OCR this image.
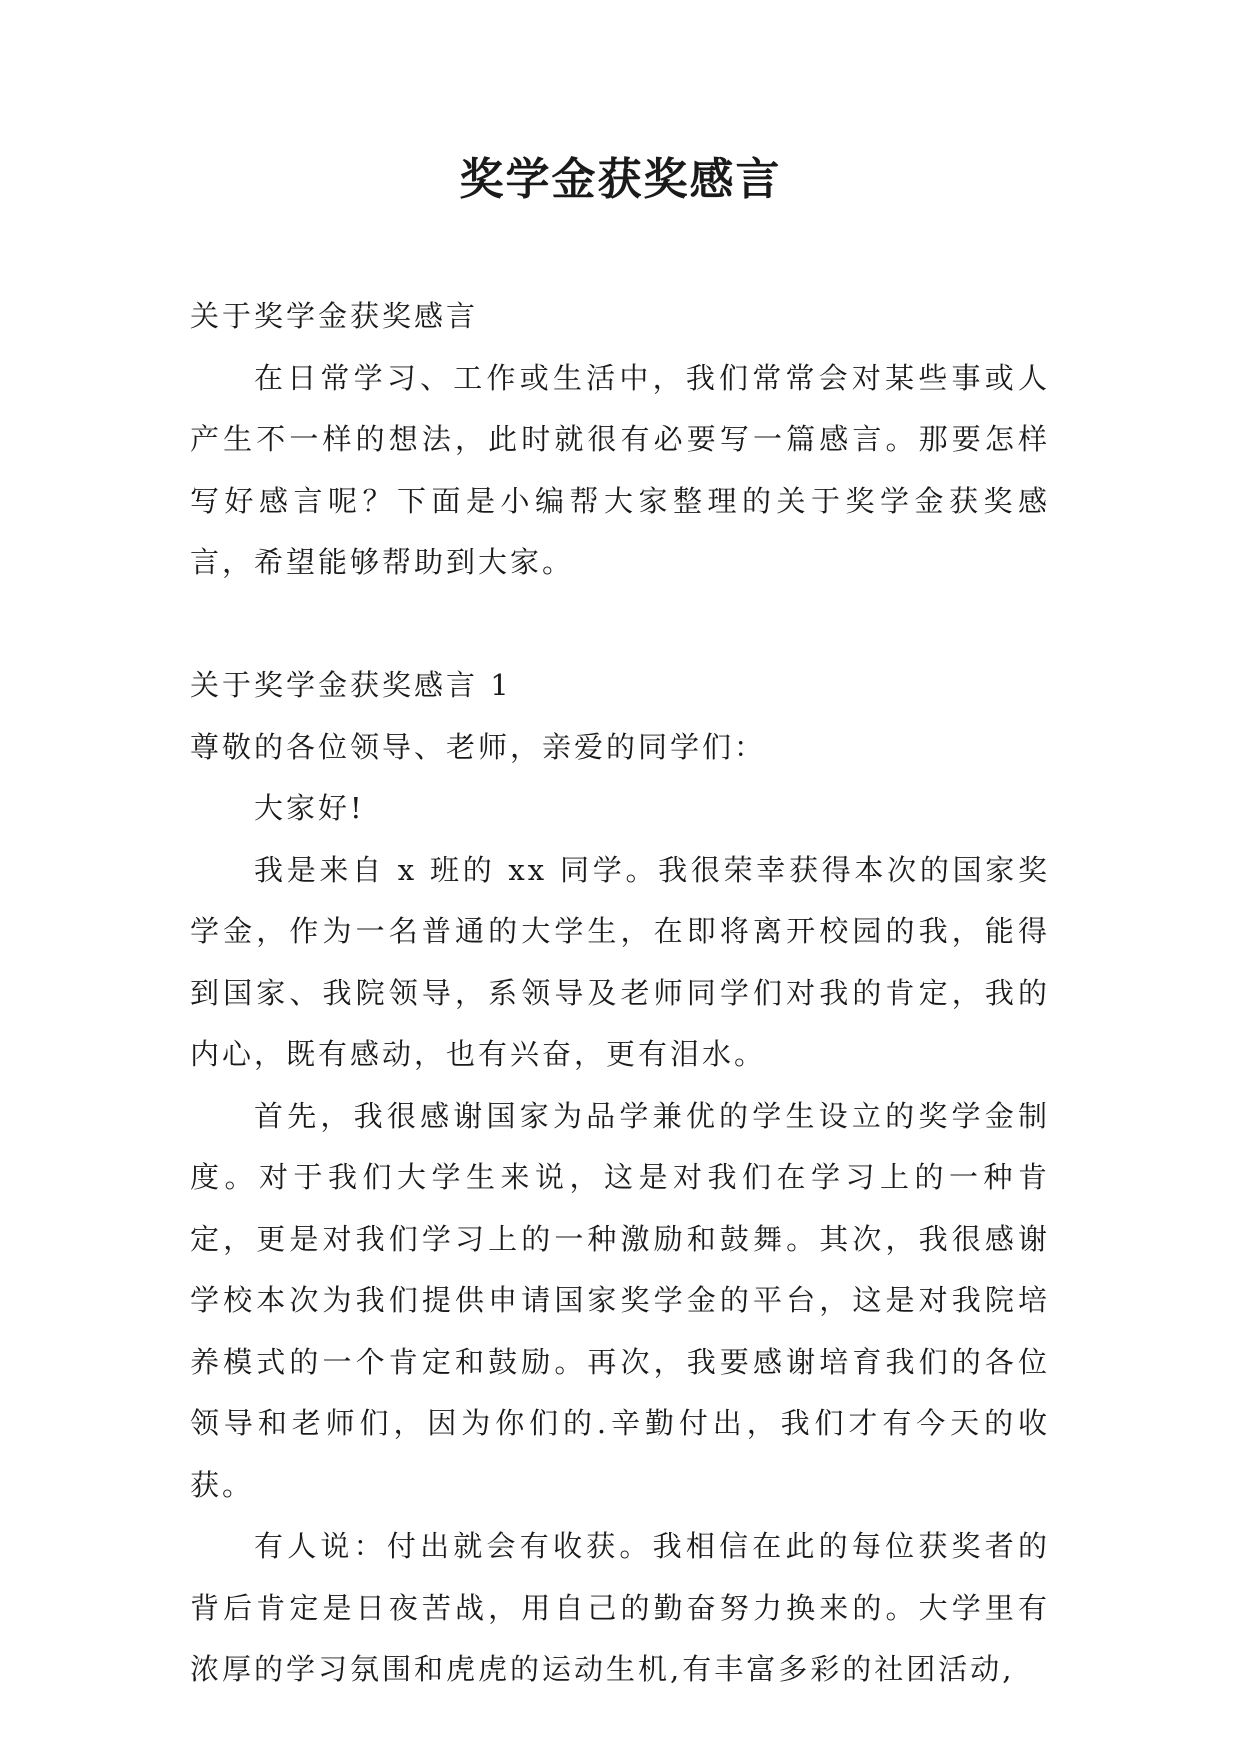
奖学金获奖感言

关于奖学金获奖感言

在日常学习、工作或生活中，我们常常会对某些事或人产生不一样的想法，此时就很有必要写一篇感言。那要怎样写好感言呢？下面是小编帮大家整理的关于奖学金获奖感言，希望能够帮助到大家。

关于奖学金获奖感言 1

尊敬的各位领导、老师，亲爱的同学们：

大家好!

我是来自 x 班的 xx 同学。我很荣幸获得本次的国家奖学金，作为一名普通的大学生，在即将离开校园的我，能得到国家、我院领导，系领导及老师同学们对我的肯定，我的内心，既有感动，也有兴奋，更有泪水。

首先，我很感谢国家为品学兼优的学生设立的奖学金制度。对于我们大学生来说，这是对我们在学习上的一种肯定，更是对我们学习上的一种激励和鼓舞。其次，我很感谢学校本次为我们提供申请国家奖学金的平台，这是对我院培养模式的一个肯定和鼓励。再次，我要感谢培育我们的各位领导和老师们，因为你们的.辛勤付出，我们才有今天的收获。

有人说：付出就会有收获。我相信在此的每位获奖者的背后肯定是日夜苦战，用自己的勤奋努力换来的。大学里有浓厚的学习氛围和虎虎的运动生机,有丰富多彩的社团活动,
